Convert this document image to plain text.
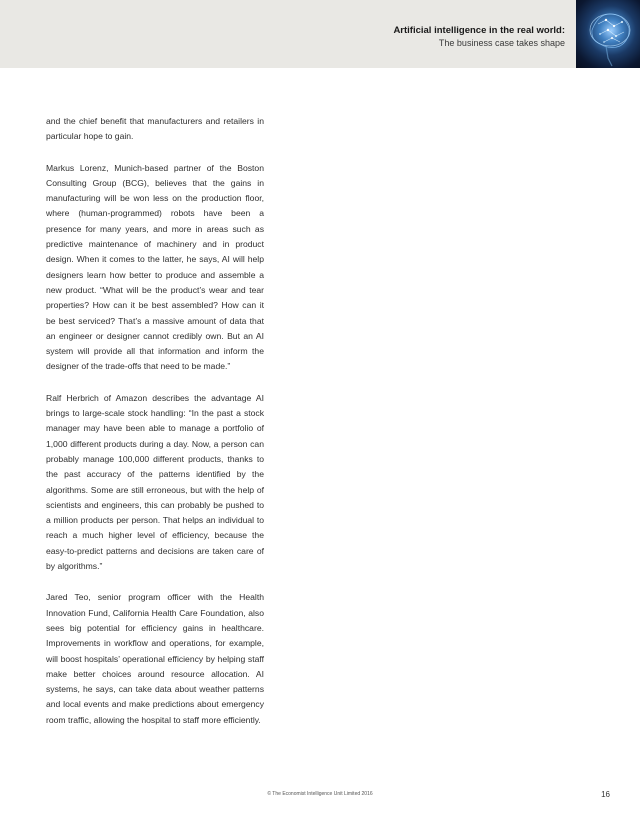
Artificial intelligence in the real world:
The business case takes shape

and the chief benefit that manufacturers and retailers in particular hope to gain.

Markus Lorenz, Munich-based partner of the Boston Consulting Group (BCG), believes that the gains in manufacturing will be won less on the production floor, where (human-programmed) robots have been a presence for many years, and more in areas such as predictive maintenance of machinery and in product design. When it comes to the latter, he says, AI will help designers learn how better to produce and assemble a new product. “What will be the product’s wear and tear properties? How can it be best assembled? How can it be best serviced? That’s a massive amount of data that an engineer or designer cannot credibly own. But an AI system will provide all that information and inform the designer of the trade-offs that need to be made.”

Ralf Herbrich of Amazon describes the advantage AI brings to large-scale stock handling: “In the past a stock manager may have been able to manage a portfolio of 1,000 different products during a day. Now, a person can probably manage 100,000 different products, thanks to the past accuracy of the patterns identified by the algorithms. Some are still erroneous, but with the help of scientists and engineers, this can probably be pushed to a million products per person. That helps an individual to reach a much higher level of efficiency, because the easy-to-predict patterns and decisions are taken care of by algorithms.”

Jared Teo, senior program officer with the Health Innovation Fund, California Health Care Foundation, also sees big potential for efficiency gains in healthcare. Improvements in workflow and operations, for example, will boost hospitals’ operational efficiency by helping staff make better choices around resource allocation. AI systems, he says, can take data about weather patterns and local events and make predictions about emergency room traffic, allowing the hospital to staff more efficiently.

© The Economist Intelligence Unit Limited 2016	16
